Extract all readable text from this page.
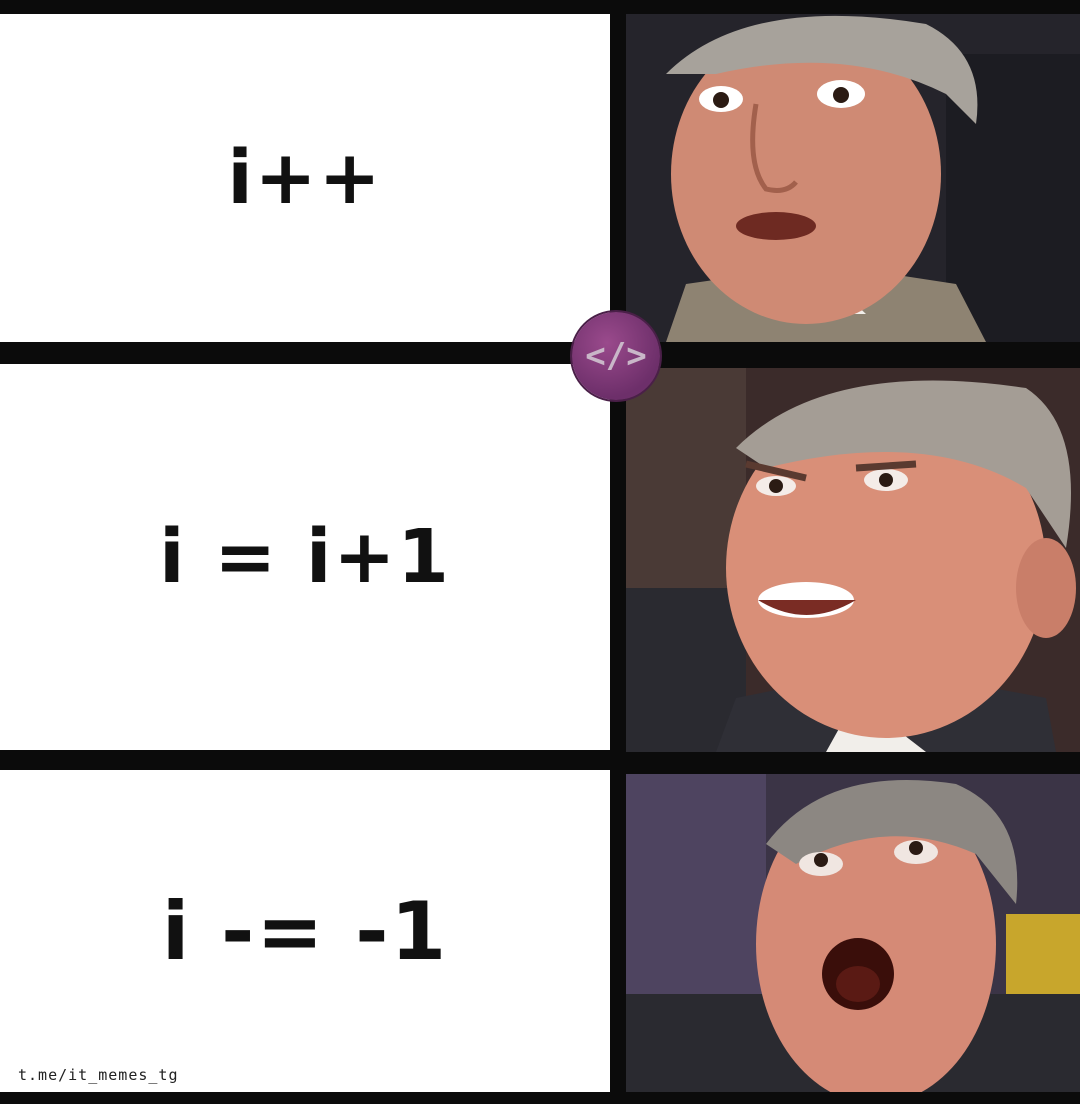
i++
i = i+1
i -= -1
t.me/it_memes_tg
</>
